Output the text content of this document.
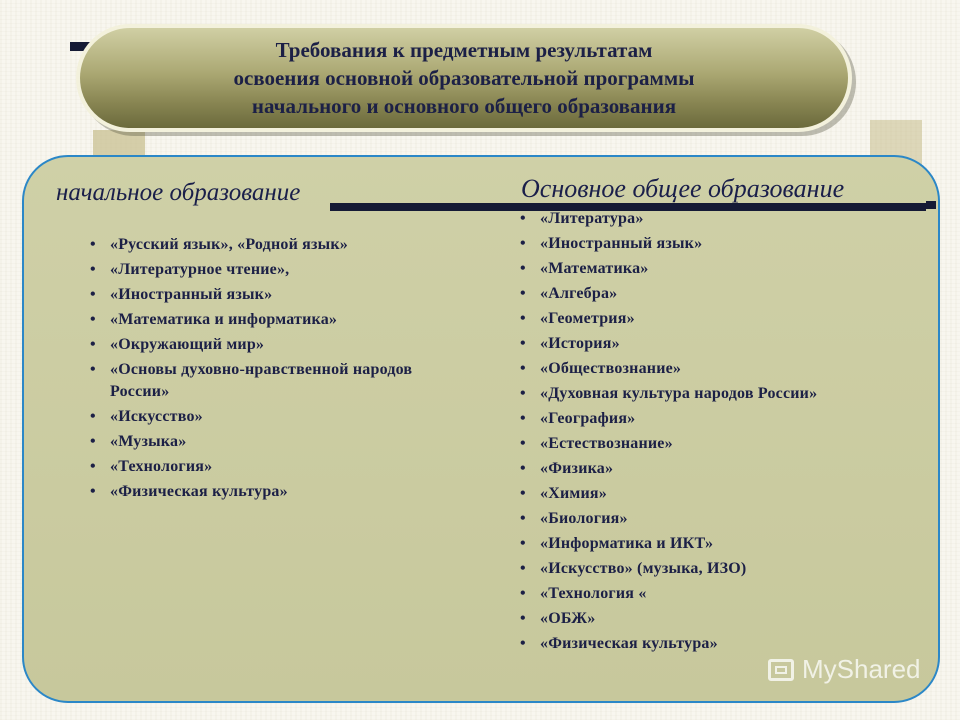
Требования к предметным результатам
освоения основной образовательной программы
начального и основного общего образования
начальное образование	Основное общее образование
• «Русский язык», «Родной язык»
• «Литературное чтение»,
• «Иностранный язык»
• «Математика и информатика»
• «Окружающий мир»
• «Основы духовно-нравственной народов России»
• «Искусство»
• «Музыка»
• «Технология»
• «Физическая культура»
• «Литература»
• «Иностранный язык»
• «Математика»
• «Алгебра»
• «Геометрия»
• «История»
• «Обществознание»
• «Духовная культура народов России»
• «География»
• «Естествознание»
• «Физика»
• «Химия»
• «Биология»
• «Информатика и ИКТ»
• «Искусство» (музыка, ИЗО)
• «Технология «
• «ОБЖ»
• «Физическая культура»
MyShared
